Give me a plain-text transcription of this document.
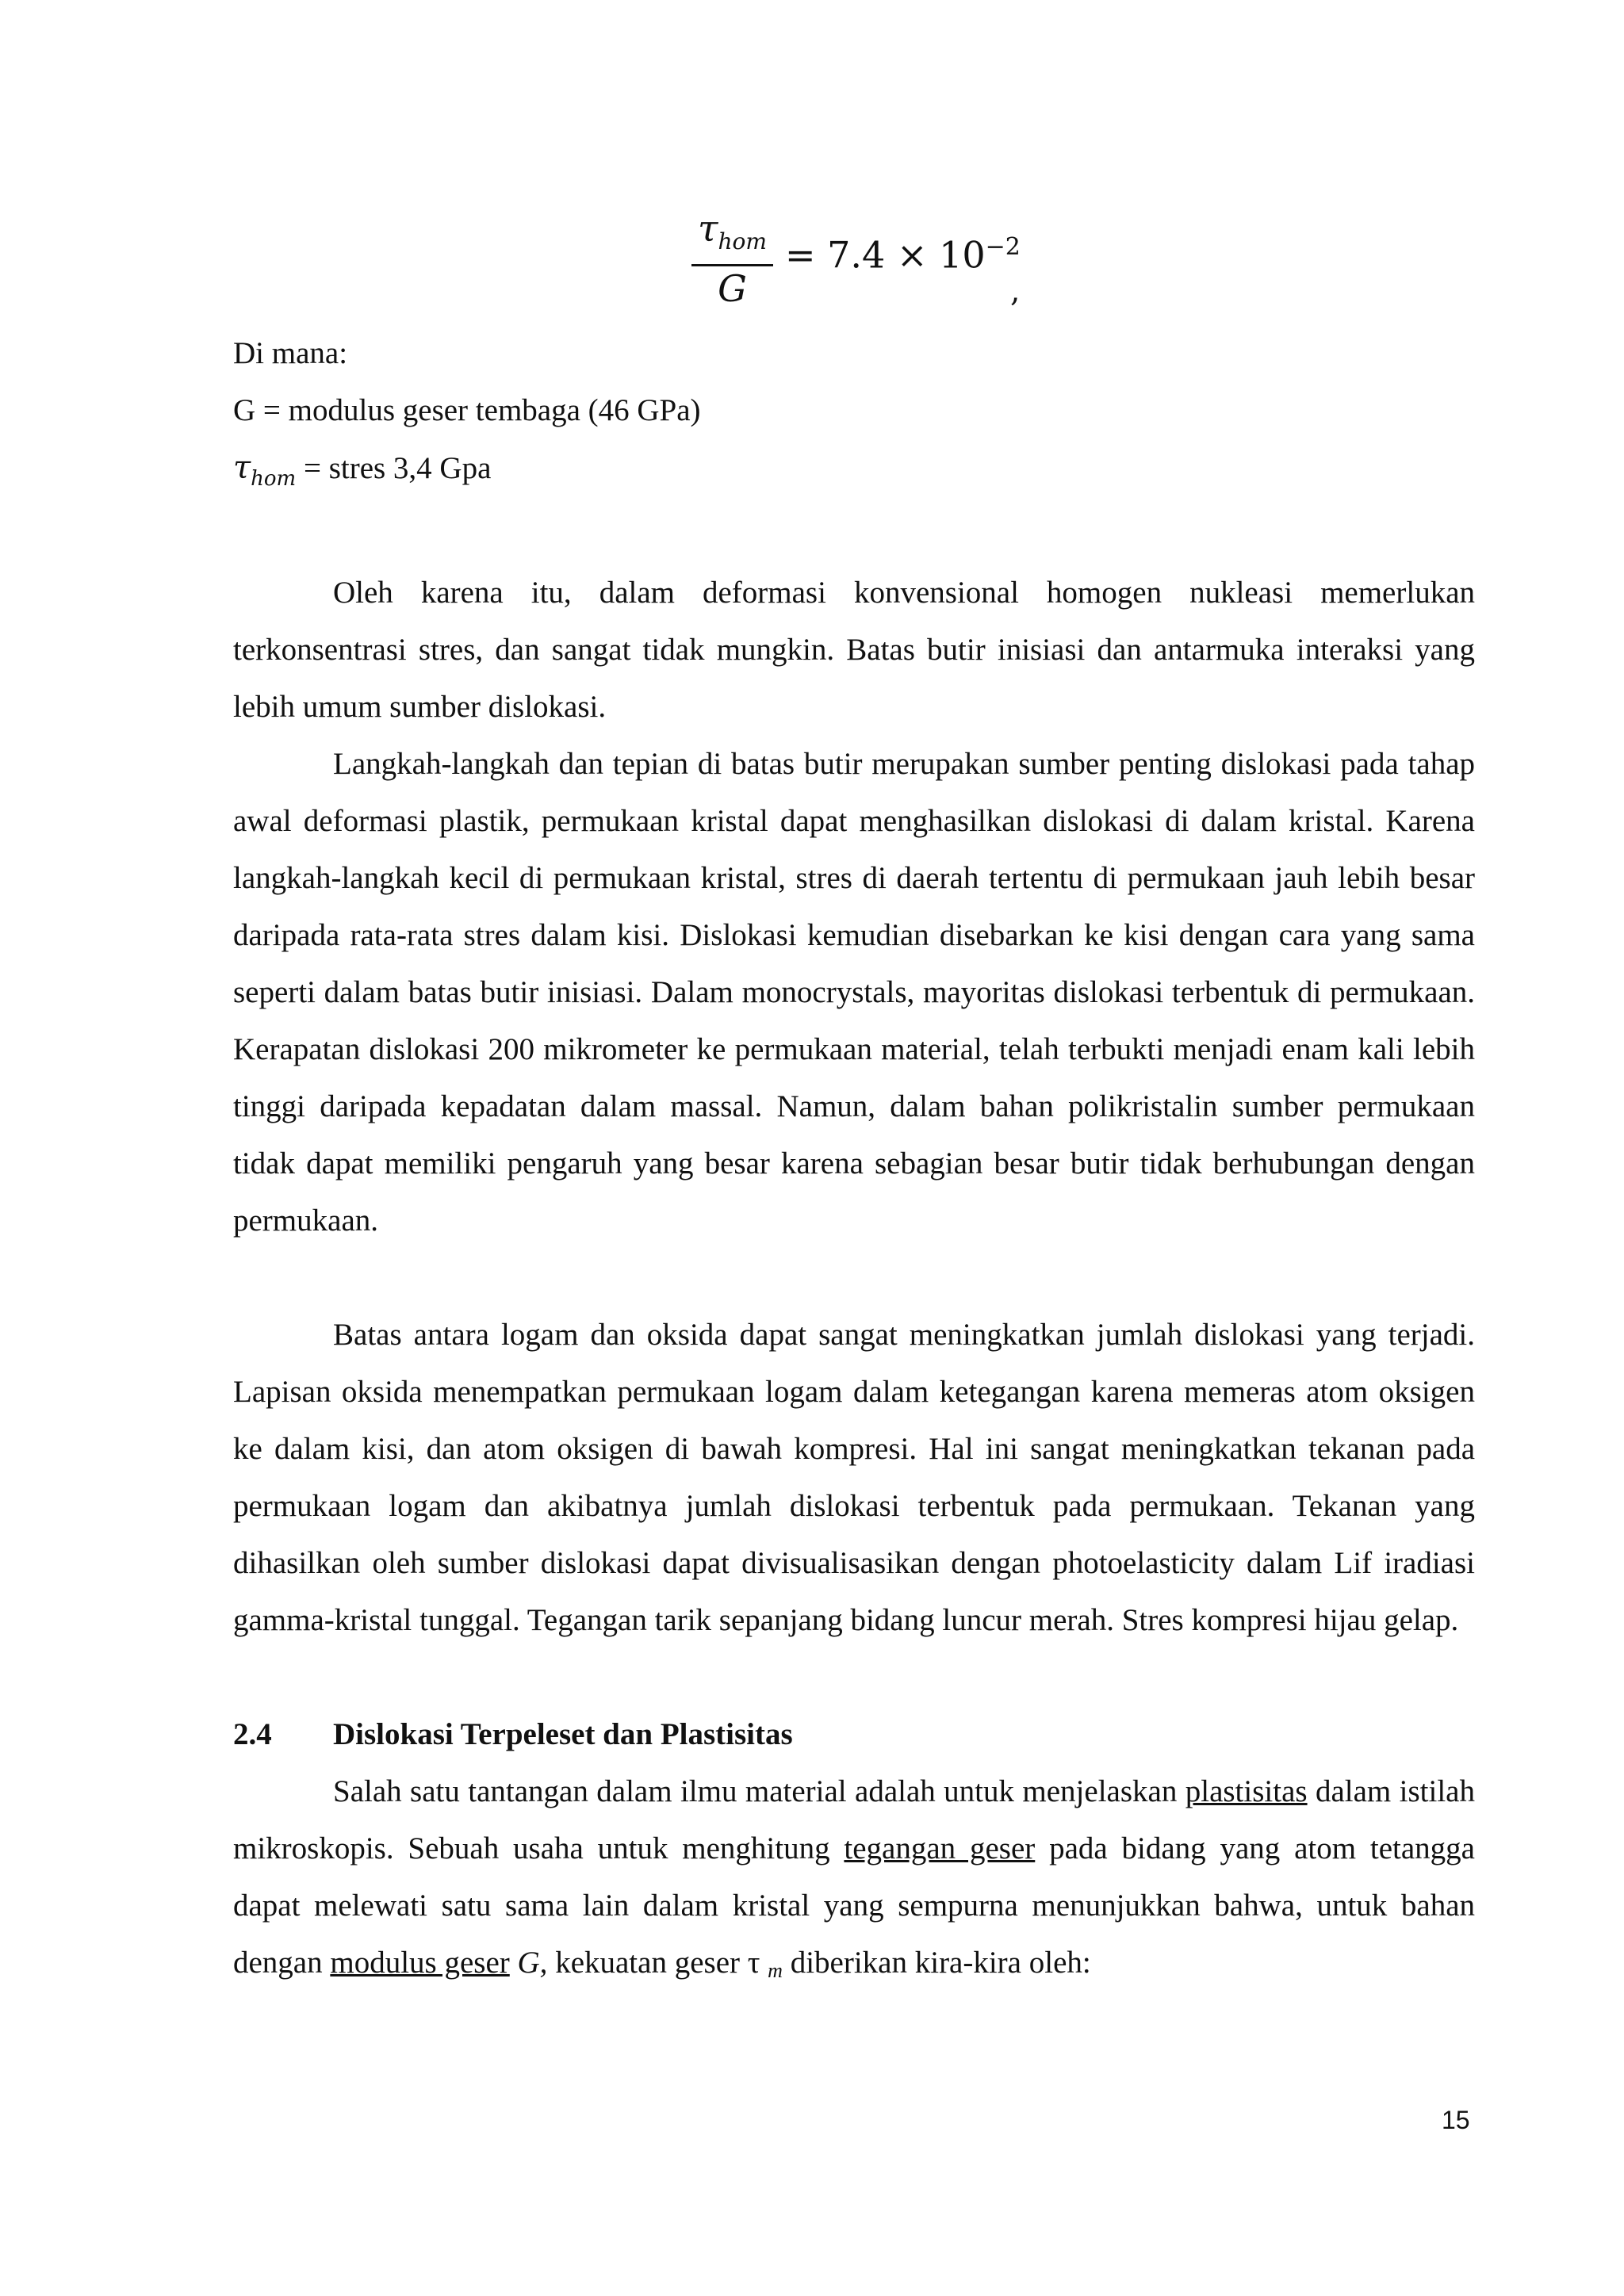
$\tau_{hom}$
G
= $7.4 \times 10^{-2}$
,

Di mana:

G = modulus geser tembaga (46 GPa)

$\tau_{hom}$ = stres 3,4 Gpa

Oleh karena itu, dalam deformasi konvensional homogen nukleasi memerlukan terkonsentrasi stres, dan sangat tidak mungkin. Batas butir inisiasi dan antarmuka interaksi yang lebih umum sumber dislokasi.

Langkah-langkah dan tepian di batas butir merupakan sumber penting dislokasi pada tahap awal deformasi plastik, permukaan kristal dapat menghasilkan dislokasi di dalam kristal. Karena langkah-langkah kecil di permukaan kristal, stres di daerah tertentu di permukaan jauh lebih besar daripada rata-rata stres dalam kisi. Dislokasi kemudian disebarkan ke kisi dengan cara yang sama seperti dalam batas butir inisiasi. Dalam monocrystals, mayoritas dislokasi terbentuk di permukaan. Kerapatan dislokasi 200 mikrometer ke permukaan material, telah terbukti menjadi enam kali lebih tinggi daripada kepadatan dalam massal. Namun, dalam bahan polikristalin sumber permukaan tidak dapat memiliki pengaruh yang besar karena sebagian besar butir tidak berhubungan dengan permukaan.

Batas antara logam dan oksida dapat sangat meningkatkan jumlah dislokasi yang terjadi. Lapisan oksida menempatkan permukaan logam dalam ketegangan karena memeras atom oksigen ke dalam kisi, dan atom oksigen di bawah kompresi. Hal ini sangat meningkatkan tekanan pada permukaan logam dan akibatnya jumlah dislokasi terbentuk pada permukaan. Tekanan yang dihasilkan oleh sumber dislokasi dapat divisualisasikan dengan photoelasticity dalam Lif iradiasi gamma-kristal tunggal. Tegangan tarik sepanjang bidang luncur merah. Stres kompresi hijau gelap.

2.4 Dislokasi Terpeleset dan Plastisitas

Salah satu tantangan dalam ilmu material adalah untuk menjelaskan plastisitas dalam istilah mikroskopis. Sebuah usaha untuk menghitung tegangan geser pada bidang yang atom tetangga dapat melewati satu sama lain dalam kristal yang sempurna menunjukkan bahwa, untuk bahan dengan modulus geser G, kekuatan geser τ m diberikan kira-kira oleh:

15
